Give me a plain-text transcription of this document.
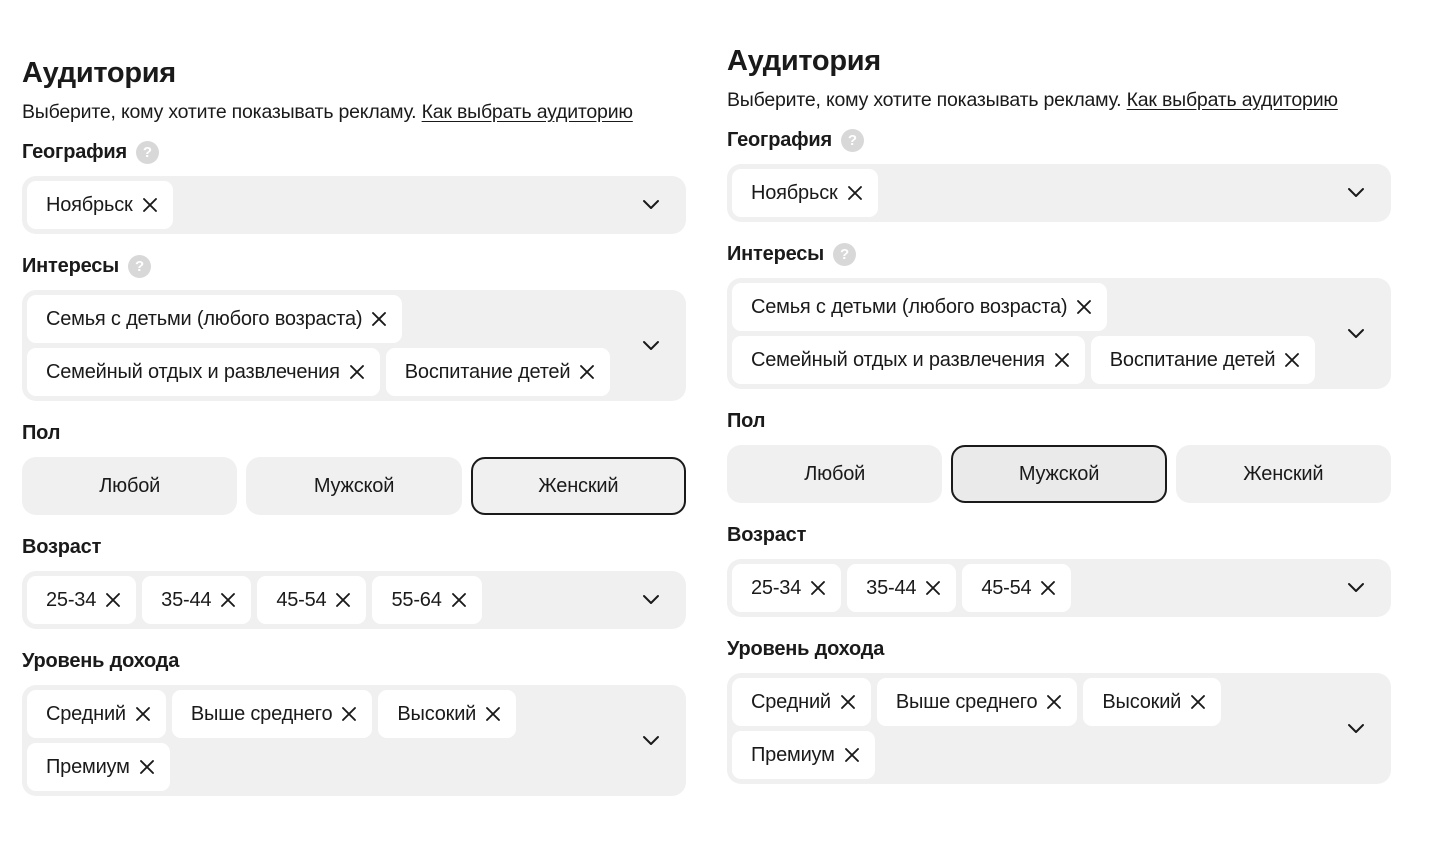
Аудитория

Выберите, кому хотите показывать рекламу. Как выбрать аудиторию

География	?
Ноябрьск
Интересы	?
Семья с детьми (любого возраста)
Семейный отдых и развлечения	Воспитание детей
Пол
Любой	Мужской	Женский
Возраст
25-34	35-44	45-54	55-64
Уровень дохода
Средний	Выше среднего	Высокий
Премиум
Аудитория

Выберите, кому хотите показывать рекламу. Как выбрать аудиторию

География	?
Ноябрьск
Интересы	?
Семья с детьми (любого возраста)
Семейный отдых и развлечения	Воспитание детей
Пол
Любой	Мужской	Женский
Возраст
25-34	35-44	45-54
Уровень дохода
Средний	Выше среднего	Высокий
Премиум
